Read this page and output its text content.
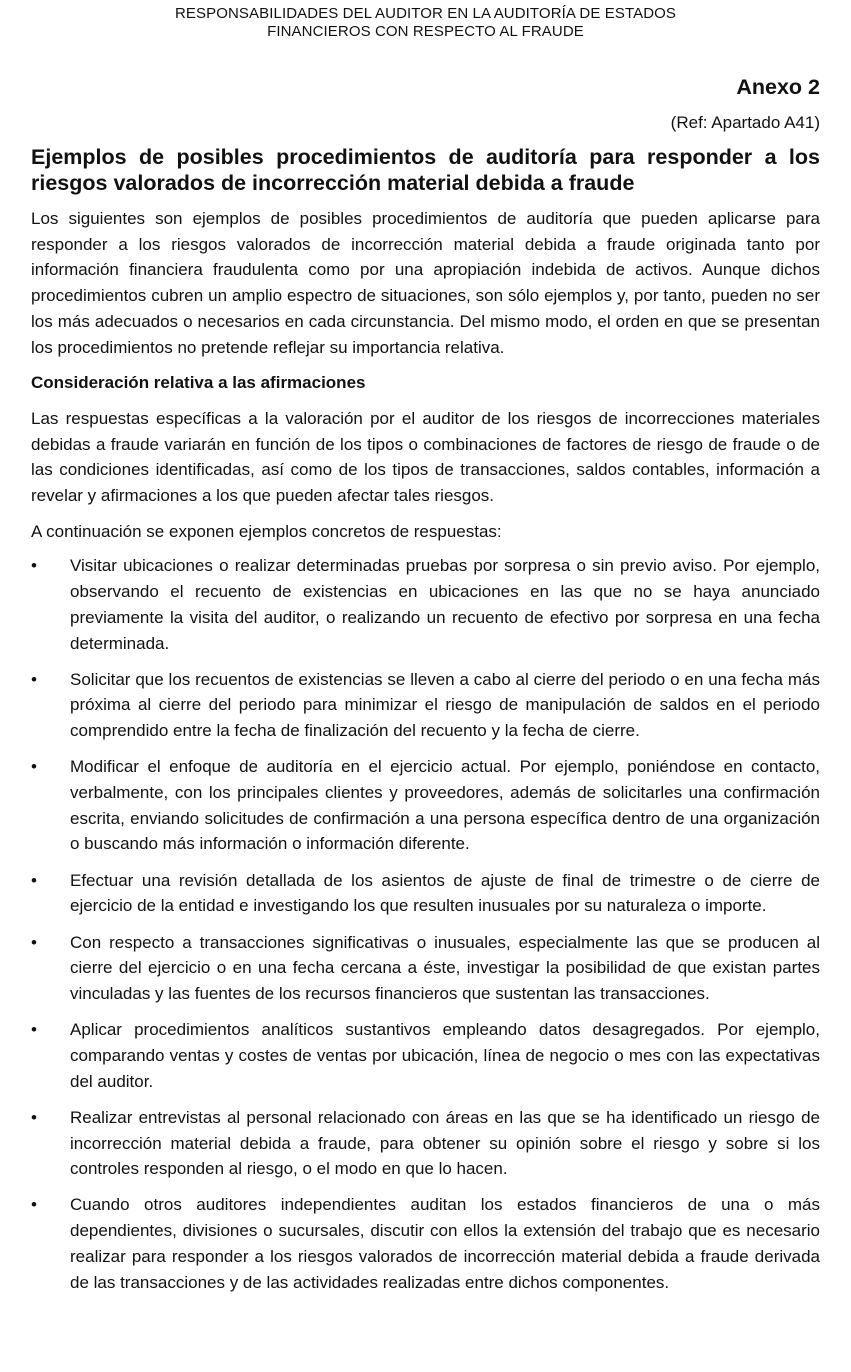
RESPONSABILIDADES DEL AUDITOR EN LA AUDITORÍA DE ESTADOS
FINANCIEROS CON RESPECTO AL FRAUDE
Anexo 2
(Ref: Apartado A41)
Ejemplos de posibles procedimientos de auditoría para responder a los riesgos valorados de incorrección material debida a fraude

Los siguientes son ejemplos de posibles procedimientos de auditoría que pueden aplicarse para responder a los riesgos valorados de incorrección material debida a fraude originada tanto por información financiera fraudulenta como por una apropiación indebida de activos. Aunque dichos procedimientos cubren un amplio espectro de situaciones, son sólo ejemplos y, por tanto, pueden no ser los más adecuados o necesarios en cada circunstancia. Del mismo modo, el orden en que se presentan los procedimientos no pretende reflejar su importancia relativa.

Consideración relativa a las afirmaciones

Las respuestas específicas a la valoración por el auditor de los riesgos de incorrecciones materiales debidas a fraude variarán en función de los tipos o combinaciones de factores de riesgo de fraude o de las condiciones identificadas, así como de los tipos de transacciones, saldos contables, información a revelar y afirmaciones a los que pueden afectar tales riesgos.

A continuación se exponen ejemplos concretos de respuestas:

•	Visitar ubicaciones o realizar determinadas pruebas por sorpresa o sin previo aviso. Por ejemplo, observando el recuento de existencias en ubicaciones en las que no se haya anunciado previamente la visita del auditor, o realizando un recuento de efectivo por sorpresa en una fecha determinada.
•	Solicitar que los recuentos de existencias se lleven a cabo al cierre del periodo o en una fecha más próxima al cierre del periodo para minimizar el riesgo de manipulación de saldos en el periodo comprendido entre la fecha de finalización del recuento y la fecha de cierre.
•	Modificar el enfoque de auditoría en el ejercicio actual. Por ejemplo, poniéndose en contacto, verbalmente, con los principales clientes y proveedores, además de solicitarles una confirmación escrita, enviando solicitudes de confirmación a una persona específica dentro de una organización o buscando más información o información diferente.
•	Efectuar una revisión detallada de los asientos de ajuste de final de trimestre o de cierre de ejercicio de la entidad e investigando los que resulten inusuales por su naturaleza o importe.
•	Con respecto a transacciones significativas o inusuales, especialmente las que se producen al cierre del ejercicio o en una fecha cercana a éste, investigar la posibilidad de que existan partes vinculadas y las fuentes de los recursos financieros que sustentan las transacciones.
•	Aplicar procedimientos analíticos sustantivos empleando datos desagregados. Por ejemplo, comparando ventas y costes de ventas por ubicación, línea de negocio o mes con las expectativas del auditor.
•	Realizar entrevistas al personal relacionado con áreas en las que se ha identificado un riesgo de incorrección material debida a fraude, para obtener su opinión sobre el riesgo y sobre si los controles responden al riesgo, o el modo en que lo hacen.
•	Cuando otros auditores independientes auditan los estados financieros de una o más dependientes, divisiones o sucursales, discutir con ellos la extensión del trabajo que es necesario realizar para responder a los riesgos valorados de incorrección material debida a fraude derivada de las transacciones y de las actividades realizadas entre dichos componentes.
